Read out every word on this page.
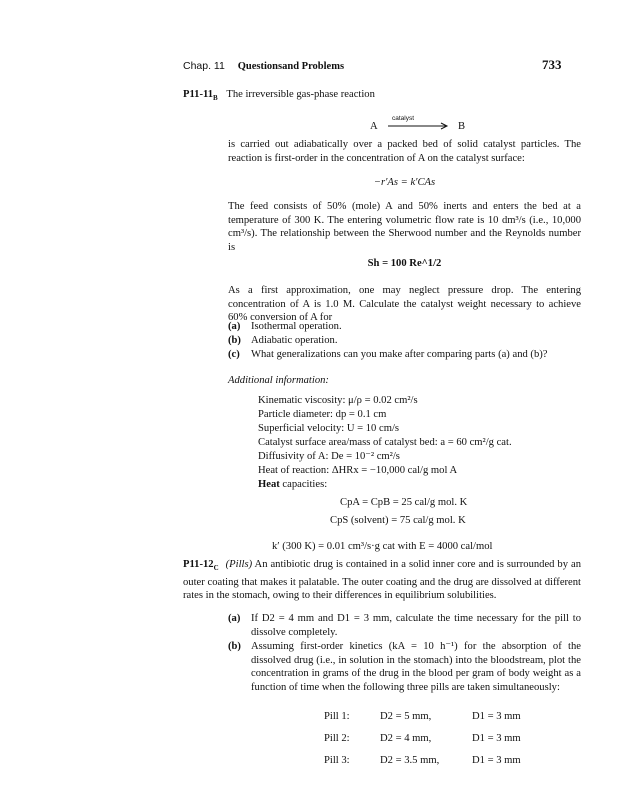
Chap. 11 Questionsand Problems	733
$P11-11_B$ The irreversible gas-phase reaction
A
catalyst
B

is carried out adiabatically over a packed bed of solid catalyst particles. The reaction is first-order in the concentration of A on the catalyst surface:

−r′As = k′CAs

The feed consists of 50% (mole) A and 50% inerts and enters the bed at a temperature of 300 K. The entering volumetric flow rate is 10 dm³/s (i.e., 10,000 cm³/s). The relationship between the Sherwood number and the Reynolds number is

Sh = 100 Re^1/2

As a first approximation, one may neglect pressure drop. The entering concentration of A is 1.0 M. Calculate the catalyst weight necessary to achieve 60% conversion of A for

(a) Isothermal operation.
(b) Adiabatic operation.
(c) What generalizations can you make after comparing parts (a) and (b)?

Additional information:

Kinematic viscosity: μ/ρ = 0.02 cm²/s
Particle diameter: dp = 0.1 cm
Superficial velocity: U = 10 cm/s
Catalyst surface area/mass of catalyst bed: a = 60 cm²/g cat.
Diffusivity of A: De = 10⁻² cm²/s
Heat of reaction: ΔHRx = −10,000 cal/g mol A
Heat capacities:

CpA = CpB = 25 cal/g mol. K

CpS (solvent) = 75 cal/g mol. K

k′ (300 K) = 0.01 cm³/s·g cat with E = 4000 cal/mol

$P11-12_C$ (Pills) An antibiotic drug is contained in a solid inner core and is surrounded by an outer coating that makes it palatable. The outer coating and the drug are dissolved at different rates in the stomach, owing to their differences in equilibrium solubilities.
(a)	If D2 = 4 mm and D1 = 3 mm, calculate the time necessary for the pill to dissolve completely.

(b) Assuming first-order kinetics (kA = 10 h⁻¹) for the absorption of the dissolved drug (i.e., in solution in the stomach) into the bloodstream, plot the concentration in grams of the drug in the blood per gram of body weight as a function of time when the following three pills are taken simultaneously:

Pill 1:	D2 = 5 mm,	D1 = 3 mm
Pill 2:	D2 = 4 mm,	D1 = 3 mm
Pill 3:	D2 = 3.5 mm,	D1 = 3 mm
